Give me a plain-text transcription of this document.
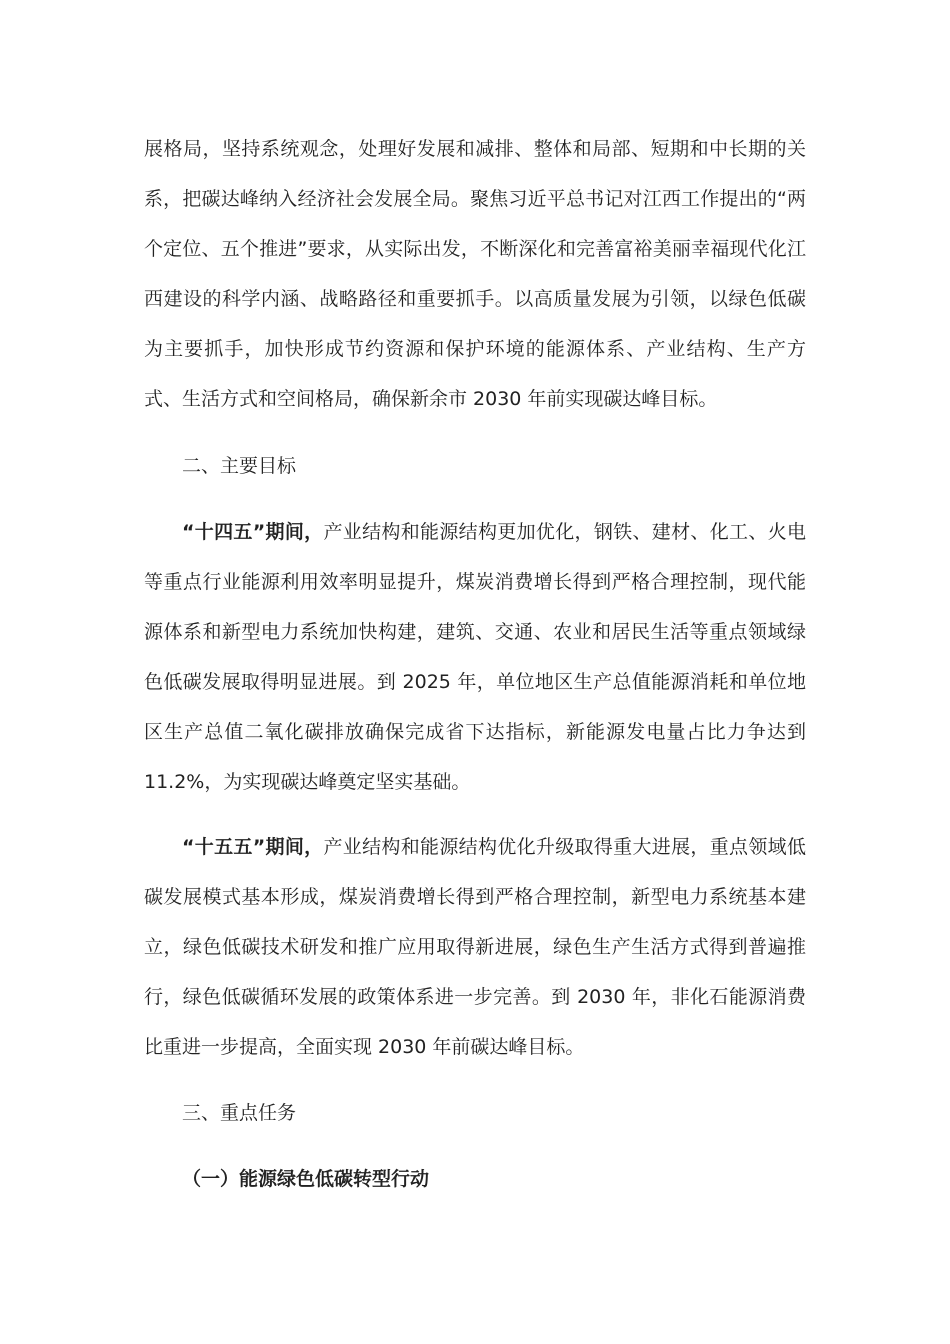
展格局，坚持系统观念，处理好发展和减排、整体和局部、短期和中长期的关系，把碳达峰纳入经济社会发展全局。聚焦习近平总书记对江西工作提出的“两个定位、五个推进”要求，从实际出发，不断深化和完善富裕美丽幸福现代化江西建设的科学内涵、战略路径和重要抓手。以高质量发展为引领，以绿色低碳为主要抓手，加快形成节约资源和保护环境的能源体系、产业结构、生产方式、生活方式和空间格局，确保新余市 2030 年前实现碳达峰目标。

二、主要目标

“十四五”期间，产业结构和能源结构更加优化，钢铁、建材、化工、火电等重点行业能源利用效率明显提升，煤炭消费增长得到严格合理控制，现代能源体系和新型电力系统加快构建，建筑、交通、农业和居民生活等重点领域绿色低碳发展取得明显进展。到 2025 年，单位地区生产总值能源消耗和单位地区生产总值二氧化碳排放确保完成省下达指标，新能源发电量占比力争达到 11.2%，为实现碳达峰奠定坚实基础。

“十五五”期间，产业结构和能源结构优化升级取得重大进展，重点领域低碳发展模式基本形成，煤炭消费增长得到严格合理控制，新型电力系统基本建立，绿色低碳技术研发和推广应用取得新进展，绿色生产生活方式得到普遍推行，绿色低碳循环发展的政策体系进一步完善。到 2030 年，非化石能源消费比重进一步提高，全面实现 2030 年前碳达峰目标。

三、重点任务

（一）能源绿色低碳转型行动
